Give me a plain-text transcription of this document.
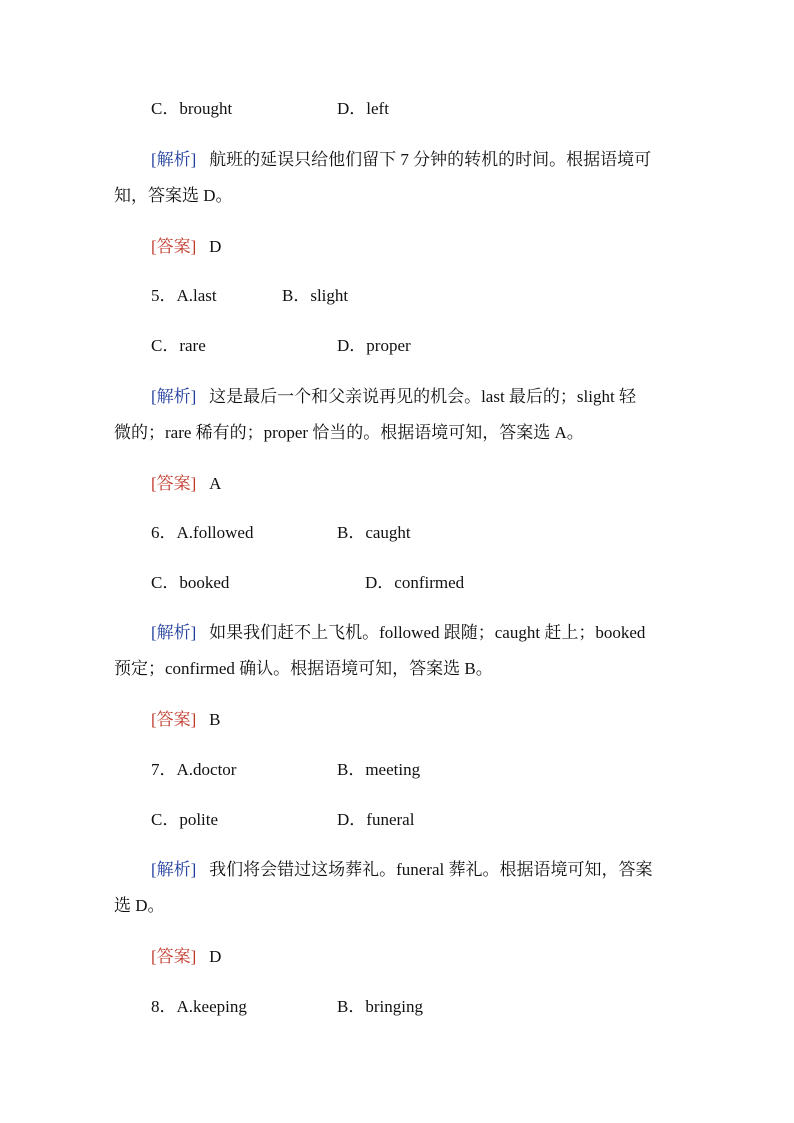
C．brought	D．left
[解析] 航班的延误只给他们留下 7 分钟的转机的时间。根据语境可
知，答案选 D。
[答案] D
5．A.last	B．slight
C．rare	D．proper
[解析] 这是最后一个和父亲说再见的机会。last 最后的；slight 轻
微的；rare 稀有的；proper 恰当的。根据语境可知，答案选 A。
[答案] A
6．A.followed	B．caught
C．booked	D．confirmed
[解析] 如果我们赶不上飞机。followed 跟随；caught 赶上；booked
预定；confirmed 确认。根据语境可知，答案选 B。
[答案] B
7．A.doctor	B．meeting
C．polite	D．funeral
[解析] 我们将会错过这场葬礼。funeral 葬礼。根据语境可知，答案
选 D。
[答案] D
8．A.keeping	B．bringing
